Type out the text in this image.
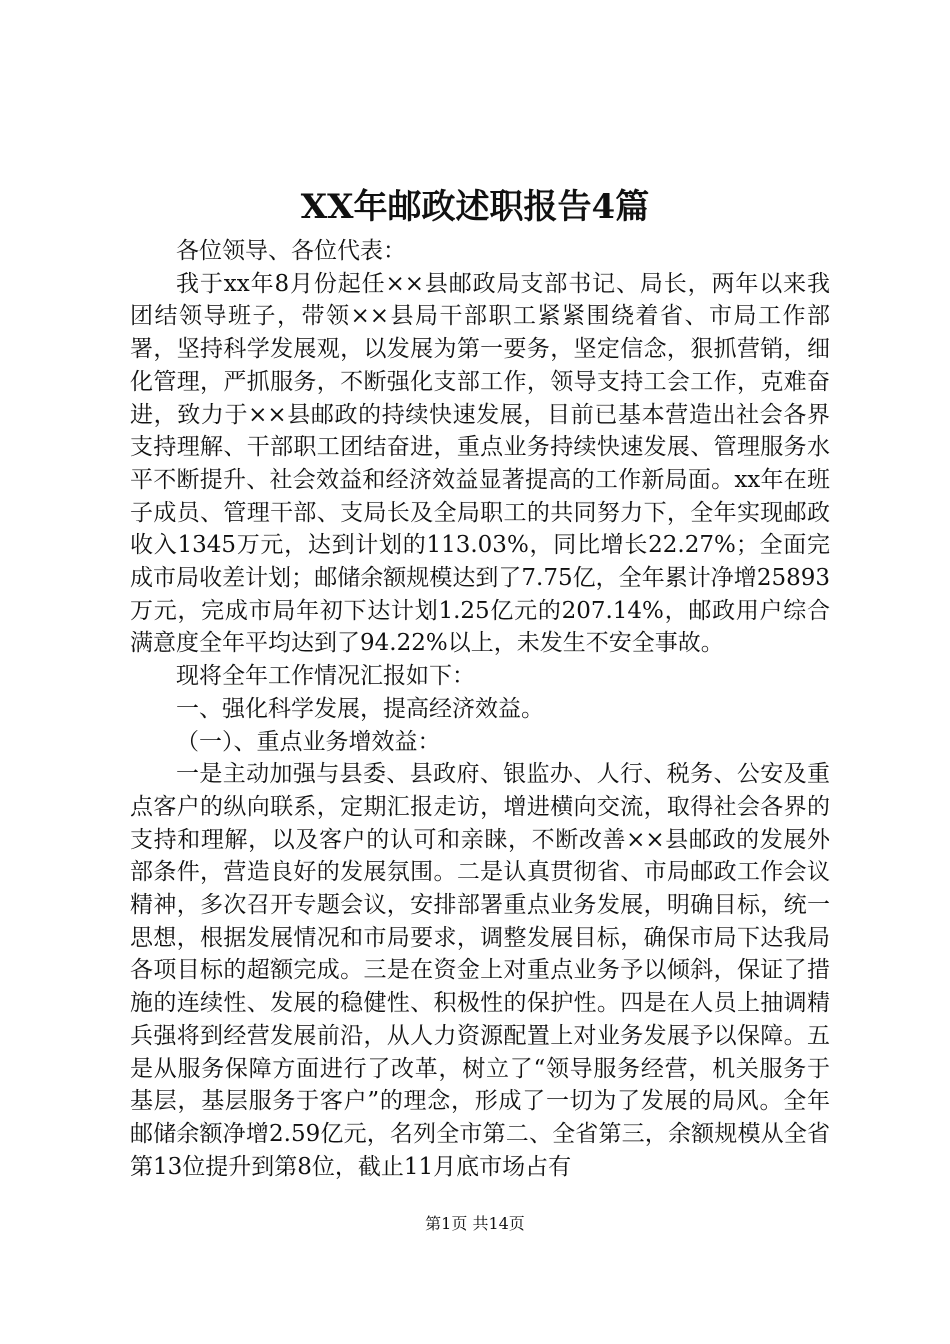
XX年邮政述职报告4篇

各位领导、各位代表：

我于xx年8月份起任××县邮政局支部书记、局长，两年以来我团结领导班子，带领××县局干部职工紧紧围绕着省、市局工作部署，坚持科学发展观，以发展为第一要务，坚定信念，狠抓营销，细化管理，严抓服务，不断强化支部工作，领导支持工会工作，克难奋进，致力于××县邮政的持续快速发展，目前已基本营造出社会各界支持理解、干部职工团结奋进，重点业务持续快速发展、管理服务水平不断提升、社会效益和经济效益显著提高的工作新局面。xx年在班子成员、管理干部、支局长及全局职工的共同努力下，全年实现邮政收入1345万元，达到计划的113.03%，同比增长22.27%；全面完成市局收差计划；邮储余额规模达到了7.75亿，全年累计净增25893万元，完成市局年初下达计划1.25亿元的207.14%，邮政用户综合满意度全年平均达到了94.22%以上，未发生不安全事故。

现将全年工作情况汇报如下：

一、强化科学发展，提高经济效益。

（一）、重点业务增效益：

一是主动加强与县委、县政府、银监办、人行、税务、公安及重点客户的纵向联系，定期汇报走访，增进横向交流，取得社会各界的支持和理解，以及客户的认可和亲睐，不断改善××县邮政的发展外部条件，营造良好的发展氛围。二是认真贯彻省、市局邮政工作会议精神，多次召开专题会议，安排部署重点业务发展，明确目标，统一思想，根据发展情况和市局要求，调整发展目标，确保市局下达我局各项目标的超额完成。三是在资金上对重点业务予以倾斜，保证了措施的连续性、发展的稳健性、积极性的保护性。四是在人员上抽调精兵强将到经营发展前沿，从人力资源配置上对业务发展予以保障。五是从服务保障方面进行了改革，树立了“领导服务经营，机关服务于基层，基层服务于客户”的理念，形成了一切为了发展的局风。全年邮储余额净增2.59亿元，名列全市第二、全省第三，余额规模从全省第13位提升到第8位，截止11月底市场占有

第1页 共14页
